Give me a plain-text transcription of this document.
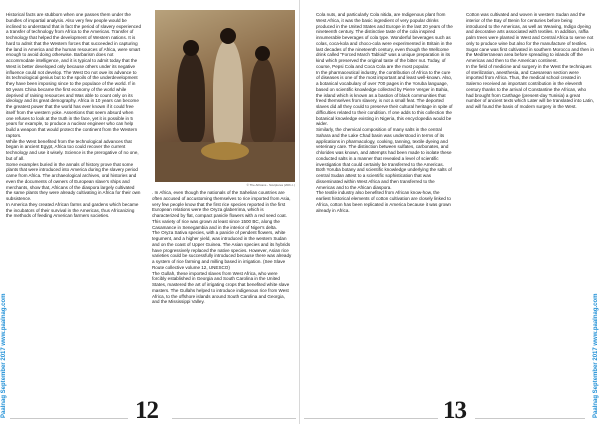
Historical facts are stubborn when one passes them under the bundles of impartial analysis. Also very few people would be inclined to understand that in fact the period of slavery experienced a transfer of technology from Africa to the Americas. Transfer of technology that helped the development of Western nations. It is hard to admit that the Western forces that succeeded in capturing the land in America and the human resources of Africa, were smart enough to avoid doing otherwise. Barbarism does not accommodate intelligence, and it is typical to admit today that the West is better developed only because others under its negative influence could not develop. The West Do not owe its advance to its technological genius but to the spoils of the underdevelopment they have been imposing since to the populace of the world. If in 50 years China became the first economy of the world while deprived of raining resources and Was able to count only on its ideology and its great demography. Africa in 10 years can become the greatest power that the world has ever known if it could free itself from the western yoke. Assertions that seem absurd when one refuses to look at the truth in the face, yet it is possible in 5 years for example, to produce a nuclear engineer who can help build a weapon that would protect the continent from the Western raptors.
While the West benefited from the technological advances that began in ancient Egypt, Africa too could recover the current technology and use it wisely. Science is the prerogative of no one, but of all.
Some examples buried in the annals of history prove that some plants that were introduced into America during the slavery period came from Africa. The archaeological archives, oral histories and even the documents of owners of European slave's ships and merchants, show that, Africans of the diaspora largely cultivated the same plants they were already cultivating in Africa for their own subsistence.
In America they created African farms and gardens which became the incubators of their survival in the Americas, thus Africanizing the methods of feeding American farmers societies.

© The Africans - Sculptures (20th c.)

. In Africa, even though the nationals of the Sahelian countries are often accused of accustoming themselves to rice imported from Asia, very few people know that the first rice species reported in the first European relations were the Oryza glaberrima, which is characterized by flat, compact panicle flowers with a red seed coat. This variety of rice was grown at least since 1500 BC, along the Casamance in Senegambia and in the interior of Niger's delta.
The Oryza Sativa species, with a panicle of pendent flowers, white tegument, and a higher yield, was introduced in the western Sudan and on the coast of Upper Guinea. The Asian species and its hybrids have progressively replaced the native species. However, Asian rice varieties could be successfully introduced because there was already a system of rice farming and milling based in irrigation. (See Slave Route collective volume 12, UNESCO)
The Gullah, these imported slaves from West Africa, who were forcibly established in Georgia and South Carolina in the United States, mastered the art of irrigating crops that benefited white slave masters. The Gullahs helped to introduce indigenous rice from West Africa, to the offshore islands around South Carolina and Georgia, and the Mississippi Valley.

12
Paalnag September 2017 www.paalnag.com

Cola nuts, and particularly Cola nitida, are Indigenous plant from West Africa, it was the basic ingredient of very popular drinks produced in the United States and Europe in the last 20 years of the nineteenth century. The distinctive taste of the cola inspired innumerable beverages of cola type. Wonderful beverages such as colas, coca-kola and choco-cola were experimented in Britain in the last decades of the nineteenth century, even though the Wellcome drink called "Forced March Tabloid" was a unique preparation in its kind which preserved the original taste of the bitter nut. Today, of course, Pepsi Cola and Coca Cola are the most popular.
In the pharmaceutical industry, the contribution of Africa to the cure of diseases is one of the most important and least well-known. Also, a botanical vocabulary of over 700 pages in the Yoruba language, based on scientific knowledge collected by Pierre Verger in Bahia, the island which is known as a bastion of black communities that freed themselves from slavery, is not a small feat. The deported slaves did all they could to preserve their cultural heritage in spite of difficulties related to their condition. If one adds to this collection the botanical knowledge existing in Nigeria, this encyclopedia would be wider.
Similarly, the chemical composition of many salts in the central Sahara and the Lake Chad basin was understood in terms of its applications in pharmacology, cooking, tanning, textile dyeing and veterinary care. The distinction between sulfates, carbonates, and chlorides was known, and attempts had been made to isolate these conducted salts in a manner that revealed a level of scientific investigation that could certainly be transferred to the Americas. Both Yoruba botany and scientific knowledge underlying the salts of central Sudan attest to a scientific sophistication that was disseminated within West Africa and then transferred to the Americas and to the African diaspora.
The textile industry also benefited from African know-how, the earliest historical elements of cotton cultivation are closely linked to Africa, cotton has been replicated in America because it was grown already in Africa.

Cotton was cultivated and woven in western Sudan and the interior of the Bay of Benin for centuries before being introduced to the Americas, as well as Weaving, Indigo dyeing and decorative arts associated with textiles. In addition, raffia palm trees were planted in West and Central Africa to serve not only to produce wine but also for the manufacture of textiles.
Sugar cane was first cultivated in southern Morocco and then in the Mediterranean area before spreading to islands off the Americas and then to the American continent.
In the field of medicine and surgery in the West the techniques of sterilization, anesthesia, and Caesarean section were imported from Africa. Thus, the medical school created in Salerno received an important contribution in the eleventh century thanks to the arrival of Constantine the African, who had brought from Carthage (present-day Tunisia) a great number of ancient texts which Later will be translated into Latin, and will found the basis of modern surgery in the West.

13	Paalnag September 2017 www.paalnag.com
